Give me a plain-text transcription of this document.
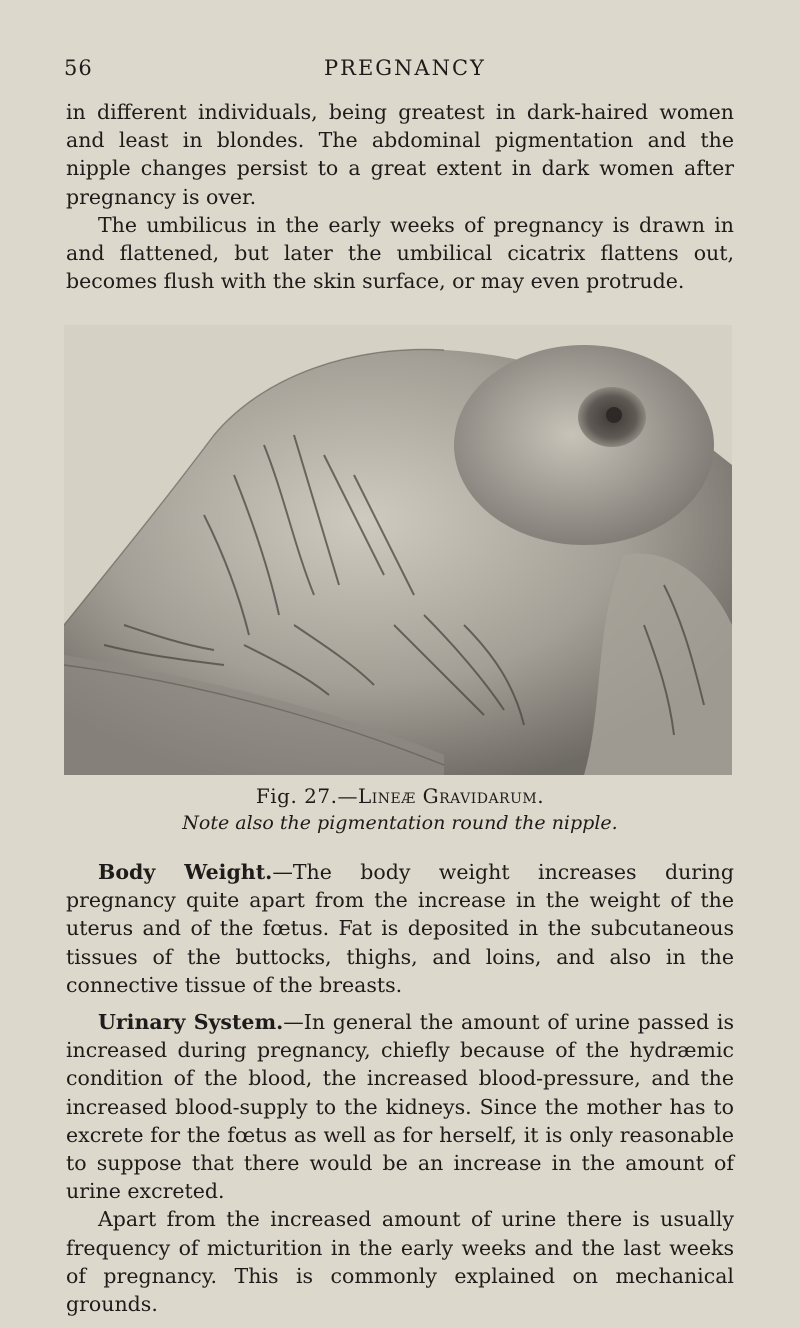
56	PREGNANCY

in different individuals, being greatest in dark-haired women and least in blondes. The abdominal pigmentation and the nipple changes persist to a great extent in dark women after pregnancy is over.

The umbilicus in the early weeks of pregnancy is drawn in and flattened, but later the umbilical cicatrix flattens out, becomes flush with the skin surface, or may even protrude.

Fig. 27.—Lineæ Gravidarum.
Note also the pigmentation round the nipple.

Body Weight.—The body weight increases during pregnancy quite apart from the increase in the weight of the uterus and of the fœtus. Fat is deposited in the subcutaneous tissues of the buttocks, thighs, and loins, and also in the connective tissue of the breasts.

Urinary System.—In general the amount of urine passed is increased during pregnancy, chiefly because of the hydræmic condition of the blood, the increased blood-pressure, and the increased blood-supply to the kidneys. Since the mother has to excrete for the fœtus as well as for herself, it is only reasonable to suppose that there would be an increase in the amount of urine excreted.

Apart from the increased amount of urine there is usually frequency of micturition in the early weeks and the last weeks of pregnancy. This is commonly explained on mechanical grounds.
